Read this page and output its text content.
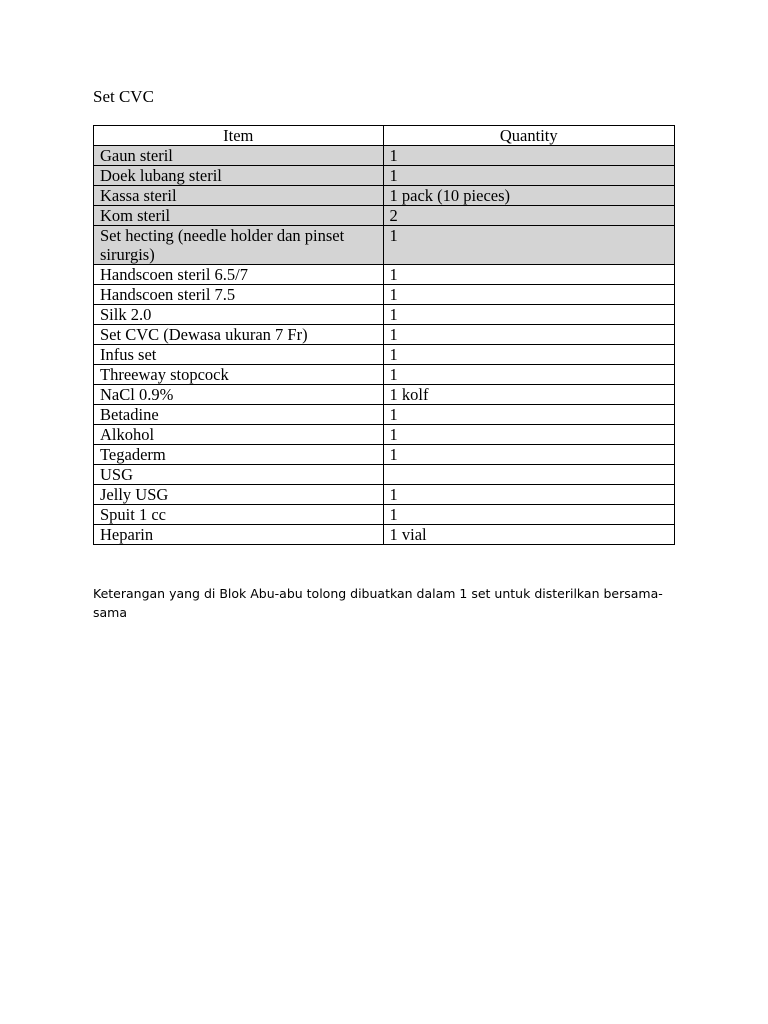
Set CVC
Item	Quantity
Gaun steril	1
Doek lubang steril	1
Kassa steril	1 pack (10 pieces)
Kom steril	2
Set hecting (needle holder dan pinset sirurgis)	1
Handscoen steril 6.5/7	1
Handscoen steril 7.5	1
Silk 2.0	1
Set CVC (Dewasa ukuran 7 Fr)	1
Infus set	1
Threeway stopcock	1
NaCl 0.9%	1 kolf
Betadine	1
Alkohol	1
Tegaderm	1
USG	
Jelly USG	1
Spuit 1 cc	1
Heparin	1 vial

Keterangan yang di Blok Abu-abu tolong dibuatkan dalam 1 set untuk disterilkan bersama-sama
